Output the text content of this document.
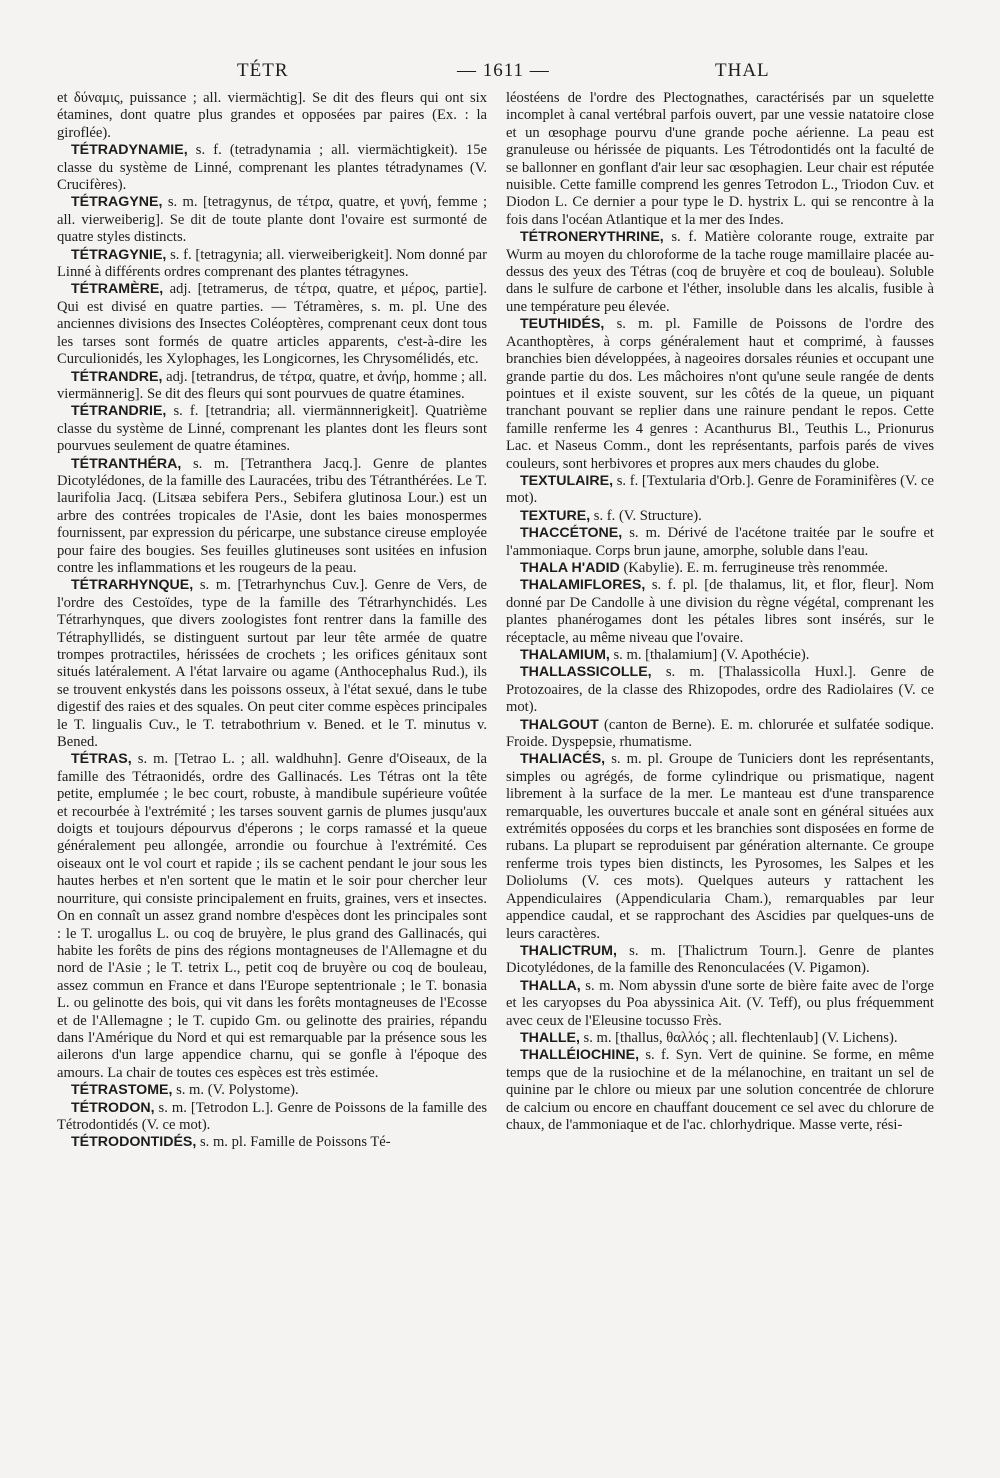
TÉTR	— 1611 —	THAL

et δύναμις, puissance ; all. viermächtig]. Se dit des fleurs qui ont six étamines, dont quatre plus grandes et opposées par paires (Ex. : la giroflée).

TÉTRADYNAMIE, s. f. (tetradynamia ; all. viermächtigkeit). 15e classe du système de Linné, comprenant les plantes tétradynames (V. Crucifères).

TÉTRAGYNE, s. m. [tetragynus, de τέτρα, quatre, et γυνή, femme ; all. vierweiberig]. Se dit de toute plante dont l'ovaire est surmonté de quatre styles distincts.

TÉTRAGYNIE, s. f. [tetragynia; all. vierweiberigkeit]. Nom donné par Linné à différents ordres comprenant des plantes tétragynes.

TÉTRAMÈRE, adj. [tetramerus, de τέτρα, quatre, et μέρος, partie]. Qui est divisé en quatre parties. — Tétramères, s. m. pl. Une des anciennes divisions des Insectes Coléoptères, comprenant ceux dont tous les tarses sont formés de quatre articles apparents, c'est-à-dire les Curculionidés, les Xylophages, les Longicornes, les Chrysomélidés, etc.

TÉTRANDRE, adj. [tetrandrus, de τέτρα, quatre, et ἀνήρ, homme ; all. viermännerig]. Se dit des fleurs qui sont pourvues de quatre étamines.

TÉTRANDRIE, s. f. [tetrandria; all. viermännnerigkeit]. Quatrième classe du système de Linné, comprenant les plantes dont les fleurs sont pourvues seulement de quatre étamines.

TÉTRANTHÉRA, s. m. [Tetranthera Jacq.]. Genre de plantes Dicotylédones, de la famille des Lauracées, tribu des Tétranthérées. Le T. laurifolia Jacq. (Litsæa sebifera Pers., Sebifera glutinosa Lour.) est un arbre des contrées tropicales de l'Asie, dont les baies monospermes fournissent, par expression du péricarpe, une substance cireuse employée pour faire des bougies. Ses feuilles glutineuses sont usitées en infusion contre les inflammations et les rougeurs de la peau.

TÉTRARHYNQUE, s. m. [Tetrarhynchus Cuv.]. Genre de Vers, de l'ordre des Cestoïdes, type de la famille des Tétrarhynchidés. Les Tétrarhynques, que divers zoologistes font rentrer dans la famille des Tétraphyllidés, se distinguent surtout par leur tête armée de quatre trompes protractiles, hérissées de crochets ; les orifices génitaux sont situés latéralement. A l'état larvaire ou agame (Anthocephalus Rud.), ils se trouvent enkystés dans les poissons osseux, à l'état sexué, dans le tube digestif des raies et des squales. On peut citer comme espèces principales le T. lingualis Cuv., le T. tetrabothrium v. Bened. et le T. minutus v. Bened.

TÉTRAS, s. m. [Tetrao L. ; all. waldhuhn]. Genre d'Oiseaux, de la famille des Tétraonidés, ordre des Gallinacés. Les Tétras ont la tête petite, emplumée ; le bec court, robuste, à mandibule supérieure voûtée et recourbée à l'extrémité ; les tarses souvent garnis de plumes jusqu'aux doigts et toujours dépourvus d'éperons ; le corps ramassé et la queue généralement peu allongée, arrondie ou fourchue à l'extrémité. Ces oiseaux ont le vol court et rapide ; ils se cachent pendant le jour sous les hautes herbes et n'en sortent que le matin et le soir pour chercher leur nourriture, qui consiste principalement en fruits, graines, vers et insectes. On en connaît un assez grand nombre d'espèces dont les principales sont : le T. urogallus L. ou coq de bruyère, le plus grand des Gallinacés, qui habite les forêts de pins des régions montagneuses de l'Allemagne et du nord de l'Asie ; le T. tetrix L., petit coq de bruyère ou coq de bouleau, assez commun en France et dans l'Europe septentrionale ; le T. bonasia L. ou gelinotte des bois, qui vit dans les forêts montagneuses de l'Ecosse et de l'Allemagne ; le T. cupido Gm. ou gelinotte des prairies, répandu dans l'Amérique du Nord et qui est remarquable par la présence sous les ailerons d'un large appendice charnu, qui se gonfle à l'époque des amours. La chair de toutes ces espèces est très estimée.

TÉTRASTOME, s. m. (V. Polystome).

TÉTRODON, s. m. [Tetrodon L.]. Genre de Poissons de la famille des Tétrodontidés (V. ce mot).

TÉTRODONTIDÉS, s. m. pl. Famille de Poissons Té-

léostéens de l'ordre des Plectognathes, caractérisés par un squelette incomplet à canal vertébral parfois ouvert, par une vessie natatoire close et un œsophage pourvu d'une grande poche aérienne. La peau est granuleuse ou hérissée de piquants. Les Tétrodontidés ont la faculté de se ballonner en gonflant d'air leur sac œsophagien. Leur chair est réputée nuisible. Cette famille comprend les genres Tetrodon L., Triodon Cuv. et Diodon L. Ce dernier a pour type le D. hystrix L. qui se rencontre à la fois dans l'océan Atlantique et la mer des Indes.

TÉTRONERYTHRINE, s. f. Matière colorante rouge, extraite par Wurm au moyen du chloroforme de la tache rouge mamillaire placée au-dessus des yeux des Tétras (coq de bruyère et coq de bouleau). Soluble dans le sulfure de carbone et l'éther, insoluble dans les alcalis, fusible à une température peu élevée.

TEUTHIDÉS, s. m. pl. Famille de Poissons de l'ordre des Acanthoptères, à corps généralement haut et comprimé, à fausses branchies bien développées, à nageoires dorsales réunies et occupant une grande partie du dos. Les mâchoires n'ont qu'une seule rangée de dents pointues et il existe souvent, sur les côtés de la queue, un piquant tranchant pouvant se replier dans une rainure pendant le repos. Cette famille renferme les 4 genres : Acanthurus Bl., Teuthis L., Prionurus Lac. et Naseus Comm., dont les représentants, parfois parés de vives couleurs, sont herbivores et propres aux mers chaudes du globe.

TEXTULAIRE, s. f. [Textularia d'Orb.]. Genre de Foraminifères (V. ce mot).

TEXTURE, s. f. (V. Structure).

THACCÉTONE, s. m. Dérivé de l'acétone traitée par le soufre et l'ammoniaque. Corps brun jaune, amorphe, soluble dans l'eau.

THALA H'ADID (Kabylie). E. m. ferrugineuse très renommée.

THALAMIFLORES, s. f. pl. [de thalamus, lit, et flor, fleur]. Nom donné par De Candolle à une division du règne végétal, comprenant les plantes phanérogames dont les pétales libres sont insérés, sur le réceptacle, au même niveau que l'ovaire.

THALAMIUM, s. m. [thalamium] (V. Apothécie).

THALLASSICOLLE, s. m. [Thalassicolla Huxl.]. Genre de Protozoaires, de la classe des Rhizopodes, ordre des Radiolaires (V. ce mot).

THALGOUT (canton de Berne). E. m. chlorurée et sulfatée sodique. Froide. Dyspepsie, rhumatisme.

THALIACÉS, s. m. pl. Groupe de Tuniciers dont les représentants, simples ou agrégés, de forme cylindrique ou prismatique, nagent librement à la surface de la mer. Le manteau est d'une transparence remarquable, les ouvertures buccale et anale sont en général situées aux extrémités opposées du corps et les branchies sont disposées en forme de rubans. La plupart se reproduisent par génération alternante. Ce groupe renferme trois types bien distincts, les Pyrosomes, les Salpes et les Doliolums (V. ces mots). Quelques auteurs y rattachent les Appendiculaires (Appendicularia Cham.), remarquables par leur appendice caudal, et se rapprochant des Ascidies par quelques-uns de leurs caractères.

THALICTRUM, s. m. [Thalictrum Tourn.]. Genre de plantes Dicotylédones, de la famille des Renonculacées (V. Pigamon).

THALLA, s. m. Nom abyssin d'une sorte de bière faite avec de l'orge et les caryopses du Poa abyssinica Ait. (V. Teff), ou plus fréquemment avec ceux de l'Eleusine tocusso Frès.

THALLE, s. m. [thallus, θαλλός ; all. flechtenlaub] (V. Lichens).

THALLÉIOCHINE, s. f. Syn. Vert de quinine. Se forme, en même temps que de la rusiochine et de la mélanochine, en traitant un sel de quinine par le chlore ou mieux par une solution concentrée de chlorure de calcium ou encore en chauffant doucement ce sel avec du chlorure de chaux, de l'ammoniaque et de l'ac. chlorhydrique. Masse verte, rési-
